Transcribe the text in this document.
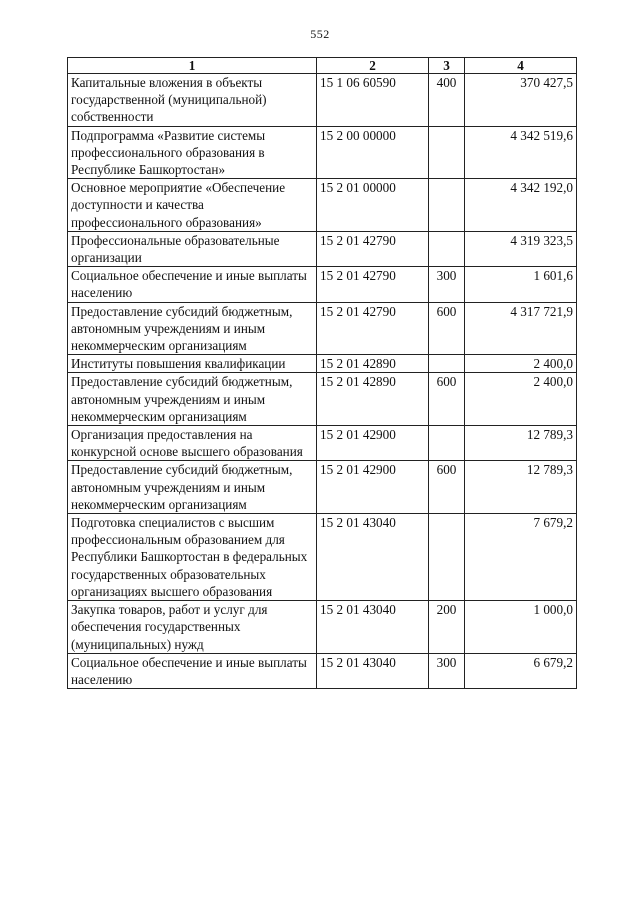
552
1	2	3	4
Капитальные вложения в объекты государственной (муниципальной) собственности	15 1 06 60590	400	370 427,5
Подпрограмма «Развитие системы профессионального образования в Республике Башкортостан»	15 2 00 00000		4 342 519,6
Основное мероприятие «Обеспечение доступности и качества профессионального образования»	15 2 01 00000		4 342 192,0
Профессиональные образовательные организации	15 2 01 42790		4 319 323,5
Социальное обеспечение и иные выплаты населению	15 2 01 42790	300	1 601,6
Предоставление субсидий бюджетным, автономным учреждениям и иным некоммерческим организациям	15 2 01 42790	600	4 317 721,9
Институты повышения квалификации	15 2 01 42890		2 400,0
Предоставление субсидий бюджетным, автономным учреждениям и иным некоммерческим организациям	15 2 01 42890	600	2 400,0
Организация предоставления на конкурсной основе высшего образования	15 2 01 42900		12 789,3
Предоставление субсидий бюджетным, автономным учреждениям и иным некоммерческим организациям	15 2 01 42900	600	12 789,3
Подготовка специалистов с высшим профессиональным образованием для Республики Башкортостан в федеральных государственных образовательных организациях высшего образования	15 2 01 43040		7 679,2
Закупка товаров, работ и услуг для обеспечения государственных (муниципальных) нужд	15 2 01 43040	200	1 000,0
Социальное обеспечение и иные выплаты населению	15 2 01 43040	300	6 679,2
